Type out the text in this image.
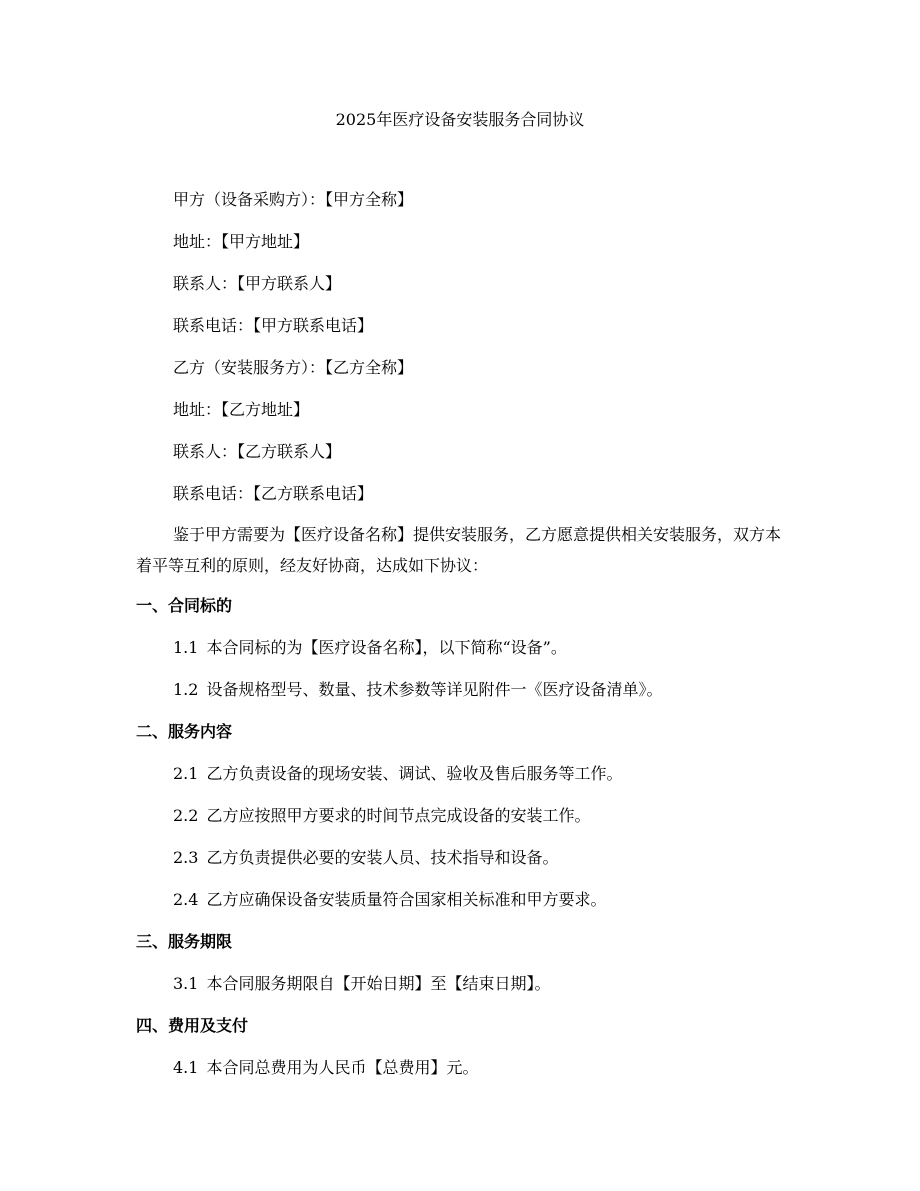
2025年医疗设备安装服务合同协议
甲方（设备采购方）：【甲方全称】
地址：【甲方地址】
联系人：【甲方联系人】
联系电话：【甲方联系电话】
乙方（安装服务方）：【乙方全称】
地址：【乙方地址】
联系人：【乙方联系人】
联系电话：【乙方联系电话】
鉴于甲方需要为【医疗设备名称】提供安装服务，乙方愿意提供相关安装服务，双方本着平等互利的原则，经友好协商，达成如下协议：
一、合同标的
1.1 本合同标的为【医疗设备名称】，以下简称“设备”。
1.2 设备规格型号、数量、技术参数等详见附件一《医疗设备清单》。
二、服务内容
2.1 乙方负责设备的现场安装、调试、验收及售后服务等工作。
2.2 乙方应按照甲方要求的时间节点完成设备的安装工作。
2.3 乙方负责提供必要的安装人员、技术指导和设备。
2.4 乙方应确保设备安装质量符合国家相关标准和甲方要求。
三、服务期限
3.1 本合同服务期限自【开始日期】至【结束日期】。
四、费用及支付
4.1 本合同总费用为人民币【总费用】元。
